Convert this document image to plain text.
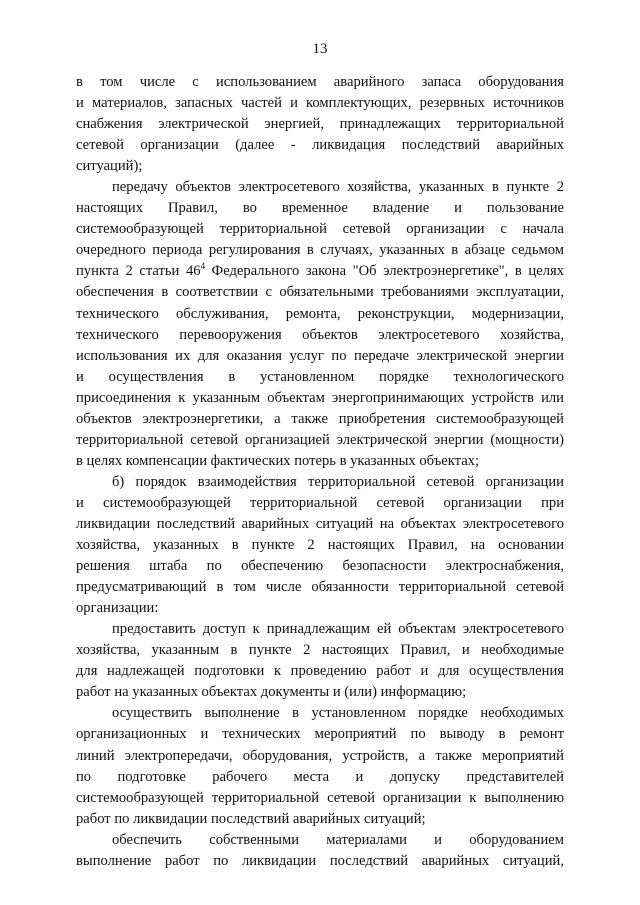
13
в том числе с использованием аварийного запаса оборудования
и материалов, запасных частей и комплектующих, резервных источников
снабжения электрической энергией, принадлежащих территориальной
сетевой организации (далее - ликвидация последствий аварийных
ситуаций);
передачу объектов электросетевого хозяйства, указанных в пункте 2
настоящих Правил, во временное владение и пользование
системообразующей территориальной сетевой организации с начала
очередного периода регулирования в случаях, указанных в абзаце седьмом
пункта 2 статьи $46^4$ Федерального закона "Об электроэнергетике", в целях
обеспечения в соответствии с обязательными требованиями эксплуатации,
технического обслуживания, ремонта, реконструкции, модернизации,
технического перевооружения объектов электросетевого хозяйства,
использования их для оказания услуг по передаче электрической энергии
и осуществления в установленном порядке технологического
присоединения к указанным объектам энергопринимающих устройств или
объектов электроэнергетики, а также приобретения системообразующей
территориальной сетевой организацией электрической энергии (мощности)
в целях компенсации фактических потерь в указанных объектах;
б) порядок взаимодействия территориальной сетевой организации
и системообразующей территориальной сетевой организации при
ликвидации последствий аварийных ситуаций на объектах электросетевого
хозяйства, указанных в пункте 2 настоящих Правил, на основании
решения штаба по обеспечению безопасности электроснабжения,
предусматривающий в том числе обязанности территориальной сетевой
организации:
предоставить доступ к принадлежащим ей объектам электросетевого
хозяйства, указанным в пункте 2 настоящих Правил, и необходимые
для надлежащей подготовки к проведению работ и для осуществления
работ на указанных объектах документы и (или) информацию;
осуществить выполнение в установленном порядке необходимых
организационных и технических мероприятий по выводу в ремонт
линий электропередачи, оборудования, устройств, а также мероприятий
по подготовке рабочего места и допуску представителей
системообразующей территориальной сетевой организации к выполнению
работ по ликвидации последствий аварийных ситуаций;
обеспечить собственными материалами и оборудованием
выполнение работ по ликвидации последствий аварийных ситуаций,
